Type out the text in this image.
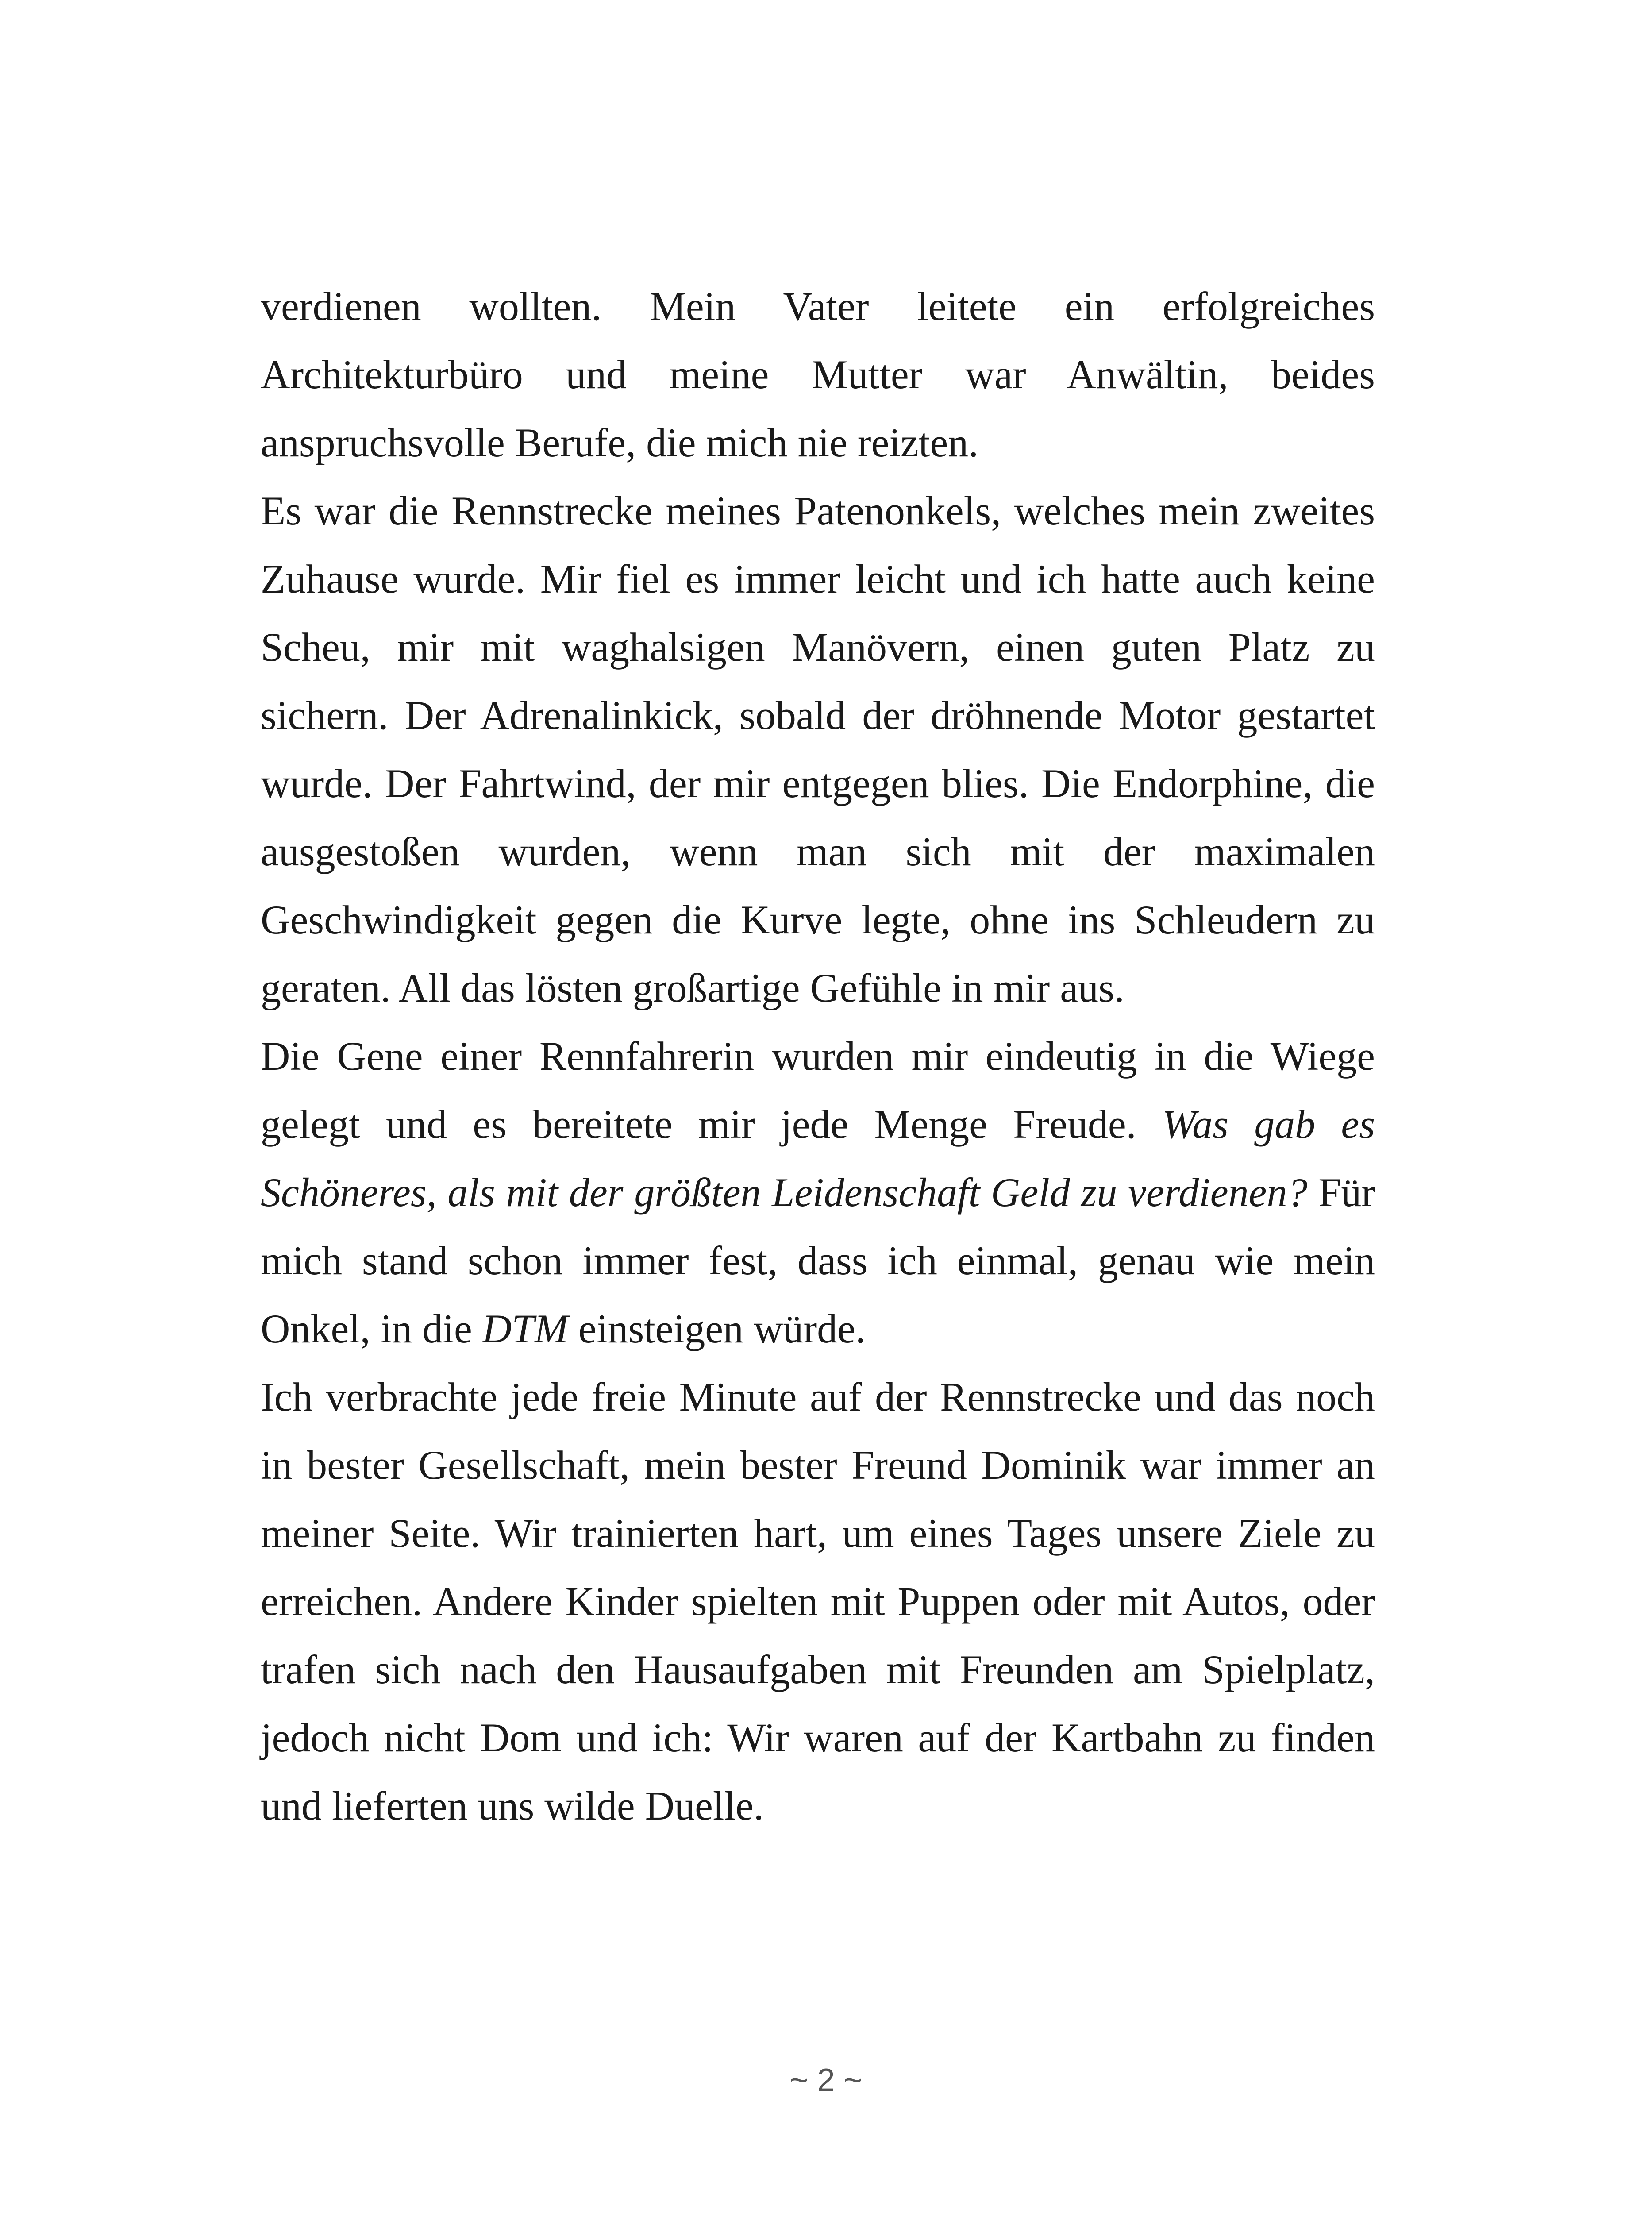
verdienen wollten. Mein Vater leitete ein erfolgreiches Architekturbüro und meine Mutter war Anwältin, beides anspruchsvolle Berufe, die mich nie reizten.

Es war die Rennstrecke meines Patenonkels, welches mein zweites Zuhause wurde. Mir fiel es immer leicht und ich hatte auch keine Scheu, mir mit waghalsigen Manövern, einen guten Platz zu sichern. Der Adrenalinkick, sobald der dröhnende Motor gestartet wurde. Der Fahrtwind, der mir entgegen blies. Die Endorphine, die ausgestoßen wurden, wenn man sich mit der maximalen Geschwindigkeit gegen die Kurve legte, ohne ins Schleudern zu geraten. All das lösten großartige Gefühle in mir aus.

Die Gene einer Rennfahrerin wurden mir eindeutig in die Wiege gelegt und es bereitete mir jede Menge Freude. Was gab es Schöneres, als mit der größten Leidenschaft Geld zu verdienen? Für mich stand schon immer fest, dass ich einmal, genau wie mein Onkel, in die DTM einsteigen würde.

Ich verbrachte jede freie Minute auf der Rennstrecke und das noch in bester Gesellschaft, mein bester Freund Dominik war immer an meiner Seite. Wir trainierten hart, um eines Tages unsere Ziele zu erreichen. Andere Kinder spielten mit Puppen oder mit Autos, oder trafen sich nach den Hausaufgaben mit Freunden am Spielplatz, jedoch nicht Dom und ich: Wir waren auf der Kartbahn zu finden und lieferten uns wilde Duelle.

~ 2 ~
